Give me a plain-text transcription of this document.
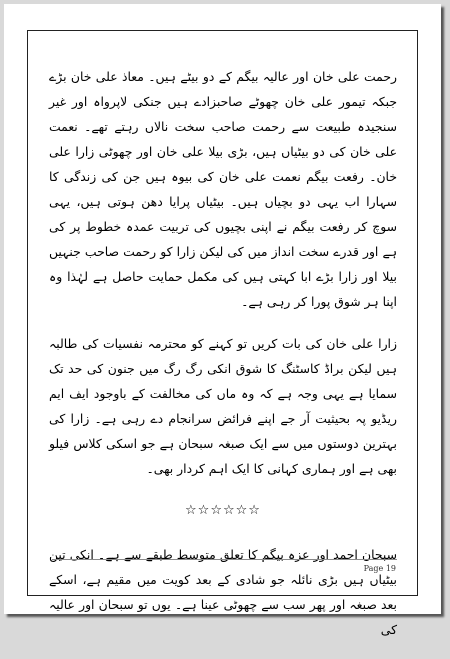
رحمت علی خان اور عالیہ بیگم کے دو بیٹے ہیں۔ معاذ علی خان بڑے جبکہ تیمور علی خان چھوٹے صاحبزادے ہیں جنکی لاپرواہ اور غیر سنجیدہ طبیعت سے رحمت صاحب سخت نالاں رہتے تھے۔ نعمت علی خان کی دو بیٹیاں ہیں، بڑی بیلا علی خان اور چھوٹی زارا علی خان۔ رفعت بیگم نعمت علی خان کی بیوہ ہیں جن کی زندگی کا سہارا اب یہی دو بچیاں ہیں۔ بیٹیاں پرایا دھن ہوتی ہیں، یہی سوچ کر رفعت بیگم نے اپنی بچیوں کی تربیت عمدہ خطوط پر کی ہے اور قدرے سخت انداز میں کی لیکن زارا کو رحمت صاحب جنہیں بیلا اور زارا بڑے ابا کہتی ہیں کی مکمل حمایت حاصل ہے لہٰذا وہ اپنا ہر شوق پورا کر رہی ہے۔

زارا علی خان کی بات کریں تو کہنے کو محترمہ نفسیات کی طالبہ ہیں لیکن براڈ کاسٹنگ کا شوق انکی رگ رگ میں جنون کی حد تک سمایا ہے یہی وجہ ہے کہ وہ ماں کی مخالفت کے باوجود ایف ایم ریڈیو پہ بحیثیت آر جے اپنے فرائض سرانجام دے رہی ہے۔ زارا کی بہترین دوستوں میں سے ایک صبغہ سبحان ہے جو اسکی کلاس فیلو بھی ہے اور ہماری کہانی کا ایک اہم کردار بھی۔

☆☆☆☆☆☆

سبحان احمد اور عزہ بیگم کا تعلق متوسط طبقے سے ہے۔ انکی تین بیٹیاں ہیں بڑی نائلہ جو شادی کے بعد کویت میں مقیم ہے، اسکے بعد صبغہ اور پھر سب سے چھوٹی عینا ہے۔ یوں تو سبحان اور عالیہ کی

Page 19
